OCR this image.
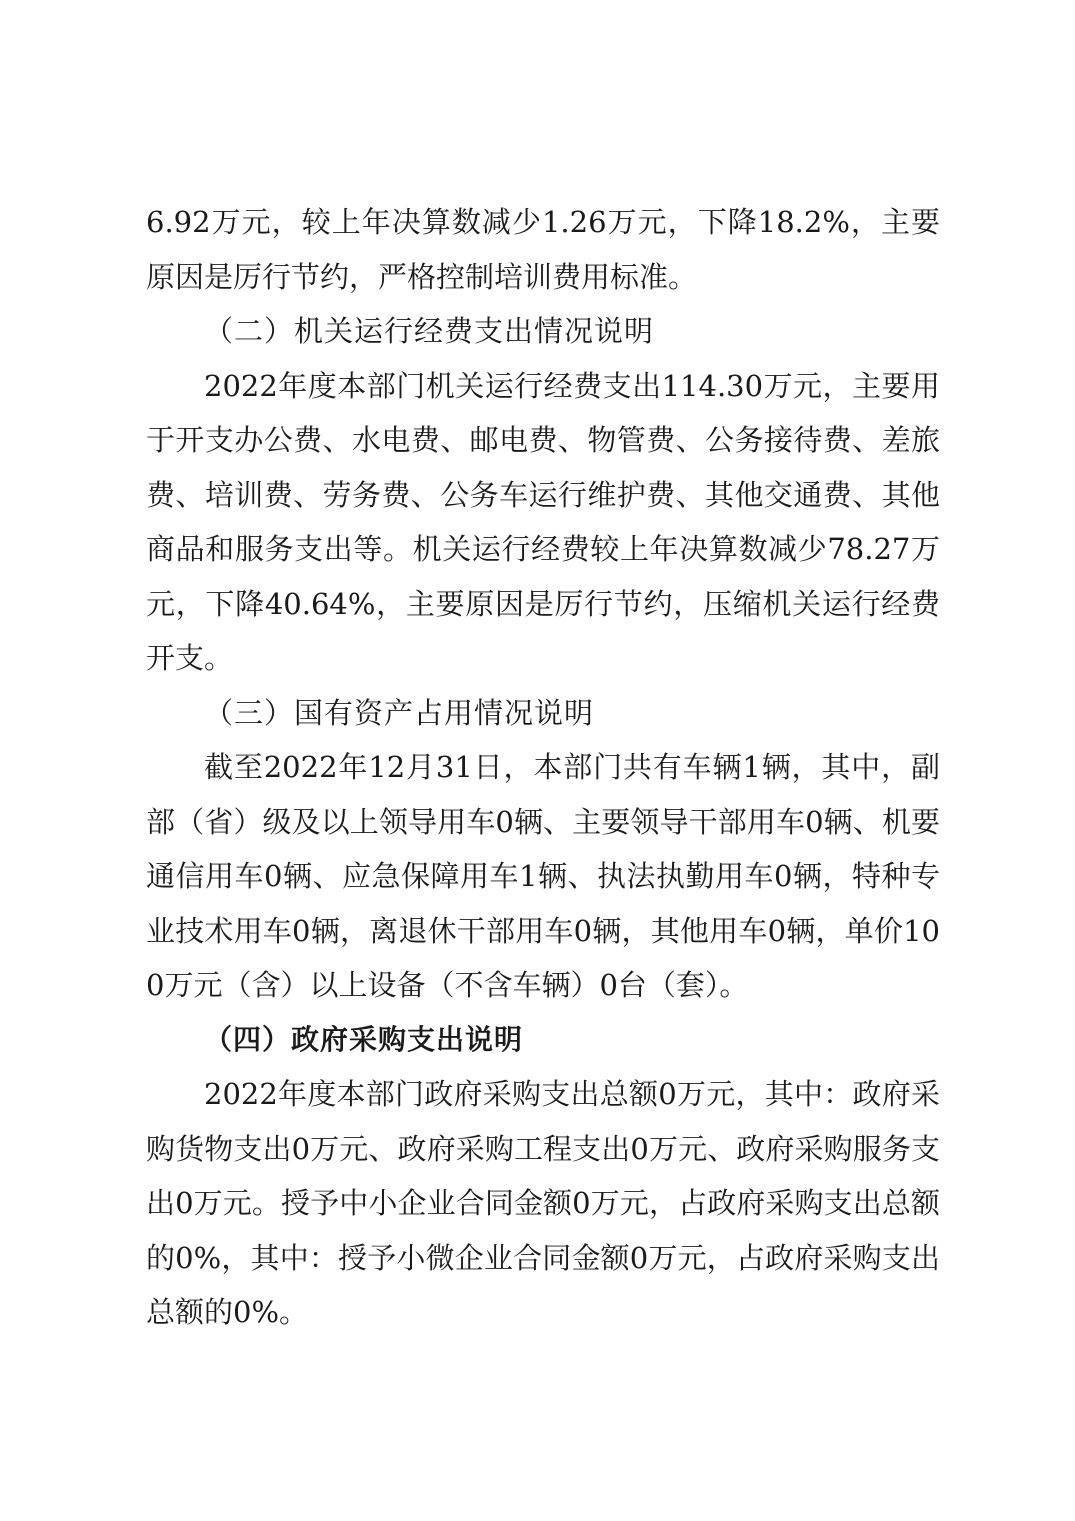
6.92万元，较上年决算数减少1.26万元，下降18.2%，主要原因是厉行节约，严格控制培训费用标准。

（二）机关运行经费支出情况说明

2022年度本部门机关运行经费支出114.30万元，主要用于开支办公费、水电费、邮电费、物管费、公务接待费、差旅费、培训费、劳务费、公务车运行维护费、其他交通费、其他商品和服务支出等。机关运行经费较上年决算数减少78.27万元，下降40.64%，主要原因是厉行节约，压缩机关运行经费开支。

（三）国有资产占用情况说明

截至2022年12月31日，本部门共有车辆1辆，其中，副部（省）级及以上领导用车0辆、主要领导干部用车0辆、机要通信用车0辆、应急保障用车1辆、执法执勤用车0辆，特种专业技术用车0辆，离退休干部用车0辆，其他用车0辆，单价100万元（含）以上设备（不含车辆）0台（套）。

（四）政府采购支出说明

2022年度本部门政府采购支出总额0万元，其中：政府采购货物支出0万元、政府采购工程支出0万元、政府采购服务支出0万元。授予中小企业合同金额0万元，占政府采购支出总额的0%，其中：授予小微企业合同金额0万元，占政府采购支出总额的0%。
